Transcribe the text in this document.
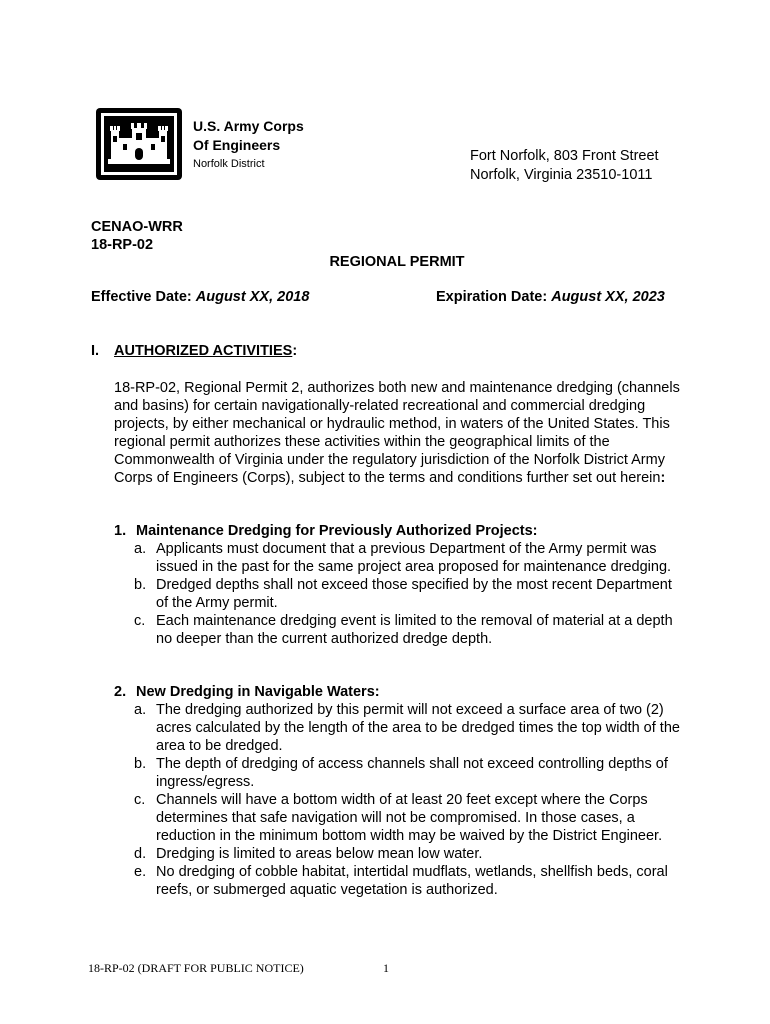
U.S. Army Corps
Of Engineers
Norfolk District	Fort Norfolk, 803 Front Street
Norfolk, Virginia 23510-1011
CENAO-WRR
18-RP-02
REGIONAL PERMIT
Effective Date: August XX, 2018	Expiration Date: August XX, 2023
I. AUTHORIZED ACTIVITIES:
18-RP-02, Regional Permit 2, authorizes both new and maintenance dredging (channels and basins) for certain navigationally-related recreational and commercial dredging projects, by either mechanical or hydraulic method, in waters of the United States. This regional permit authorizes these activities within the geographical limits of the Commonwealth of Virginia under the regulatory jurisdiction of the Norfolk District Army Corps of Engineers (Corps), subject to the terms and conditions further set out herein:
1. Maintenance Dredging for Previously Authorized Projects:
a. Applicants must document that a previous Department of the Army permit was issued in the past for the same project area proposed for maintenance dredging.
b. Dredged depths shall not exceed those specified by the most recent Department of the Army permit.
c. Each maintenance dredging event is limited to the removal of material at a depth no deeper than the current authorized dredge depth.
2. New Dredging in Navigable Waters:
a. The dredging authorized by this permit will not exceed a surface area of two (2) acres calculated by the length of the area to be dredged times the top width of the area to be dredged.
b. The depth of dredging of access channels shall not exceed controlling depths of ingress/egress.
c. Channels will have a bottom width of at least 20 feet except where the Corps determines that safe navigation will not be compromised. In those cases, a reduction in the minimum bottom width may be waived by the District Engineer.
d. Dredging is limited to areas below mean low water.
e. No dredging of cobble habitat, intertidal mudflats, wetlands, shellfish beds, coral reefs, or submerged aquatic vegetation is authorized.
18-RP-02 (DRAFT FOR PUBLIC NOTICE)	1
